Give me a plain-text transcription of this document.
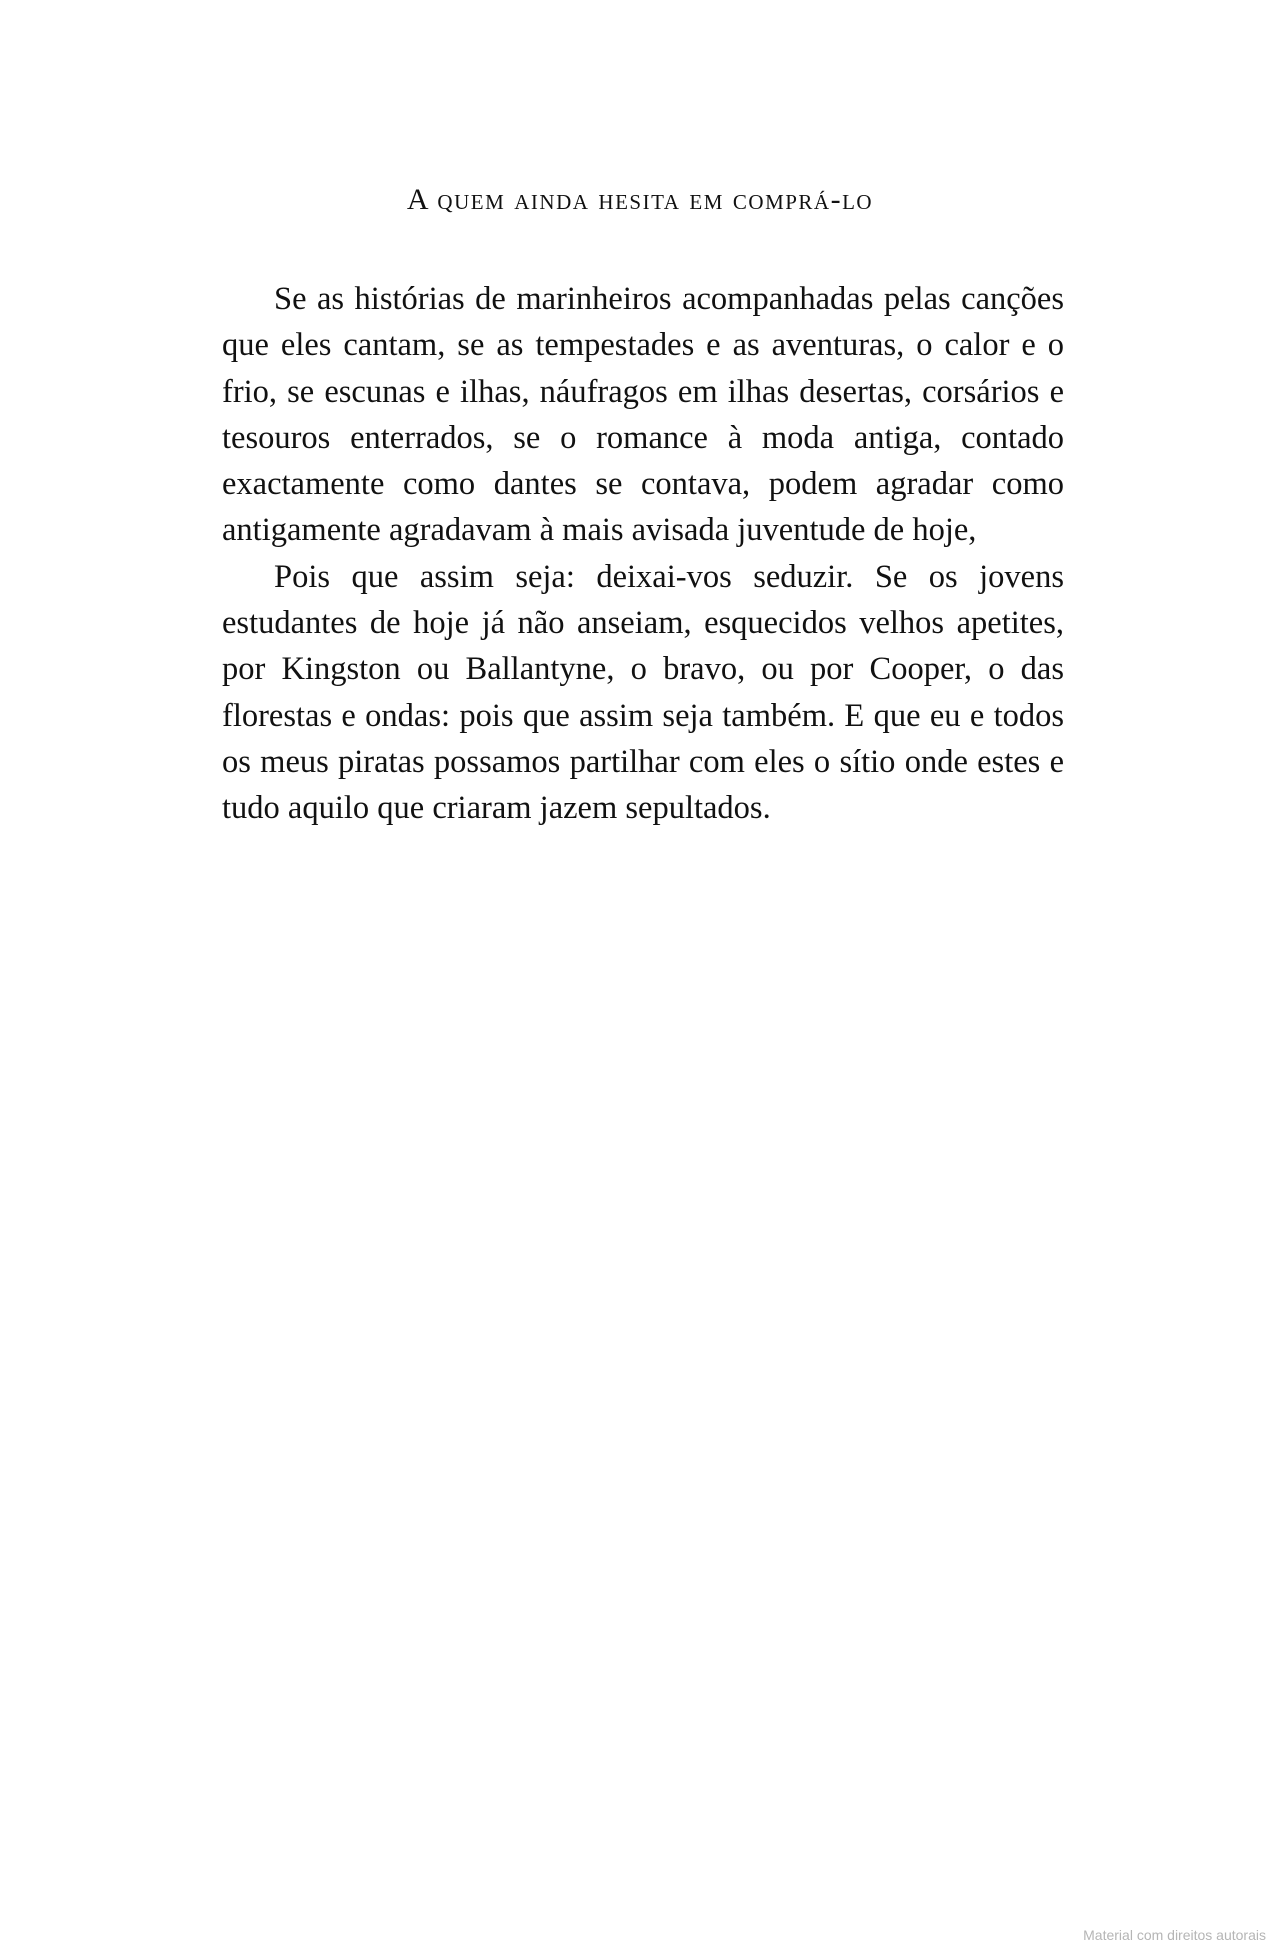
A quem ainda hesita em comprá-lo

Se as histórias de marinheiros acompanhadas pelas canções que eles cantam, se as tempestades e as aventuras, o calor e o frio, se escunas e ilhas, náufragos em ilhas desertas, corsários e tesouros enterrados, se o romance à moda antiga, contado exactamente como dantes se contava, podem agradar como antigamente agradavam à mais avisada juventude de hoje,

Pois que assim seja: deixai-vos seduzir. Se os jovens estudantes de hoje já não anseiam, esquecidos velhos apetites, por Kingston ou Ballantyne, o bravo, ou por Cooper, o das florestas e ondas: pois que assim seja também. E que eu e todos os meus piratas possamos partilhar com eles o sítio onde estes e tudo aquilo que criaram jazem sepultados.

Material com direitos autorais
